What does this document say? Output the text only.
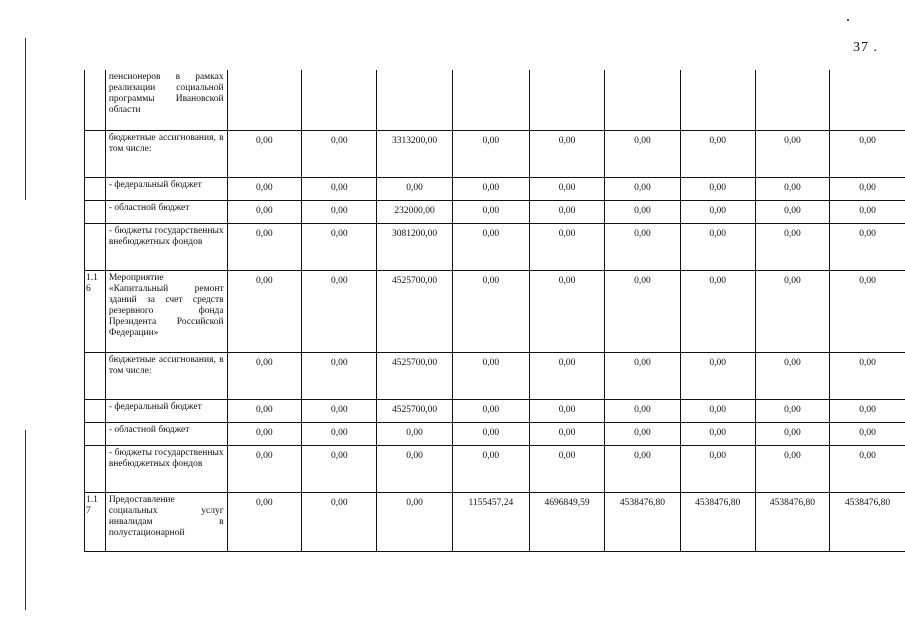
37 .
	пенсионеров в рамках реализации социальной программы Ивановской области									
	бюджетные ассигнования, в том числе:	0,00	0,00	3313200,00	0,00	0,00	0,00	0,00	0,00	0,00
	- федеральный бюджет	0,00	0,00	0,00	0,00	0,00	0,00	0,00	0,00	0,00
	- областной бюджет	0,00	0,00	232000,00	0,00	0,00	0,00	0,00	0,00	0,00
	- бюджеты государственных внебюджетных фондов	0,00	0,00	3081200,00	0,00	0,00	0,00	0,00	0,00	0,00
1.1 6	Мероприятие «Капитальный ремонт зданий за счет средств резервного фонда Президента Российской Федерации»	0,00	0,00	4525700,00	0,00	0,00	0,00	0,00	0,00	0,00
	бюджетные ассигнования, в том числе:	0,00	0,00	4525700,00	0,00	0,00	0,00	0,00	0,00	0,00
	- федеральный бюджет	0,00	0,00	4525700,00	0,00	0,00	0,00	0,00	0,00	0,00
	- областной бюджет	0,00	0,00	0,00	0,00	0,00	0,00	0,00	0,00	0,00
	- бюджеты государственных внебюджетных фондов	0,00	0,00	0,00	0,00	0,00	0,00	0,00	0,00	0,00
1.1 7	Предоставление социальных услуг инвалидам в полустационарной	0,00	0,00	0,00	1155457,24	4696849,59	4538476,80	4538476,80	4538476,80	4538476,80
